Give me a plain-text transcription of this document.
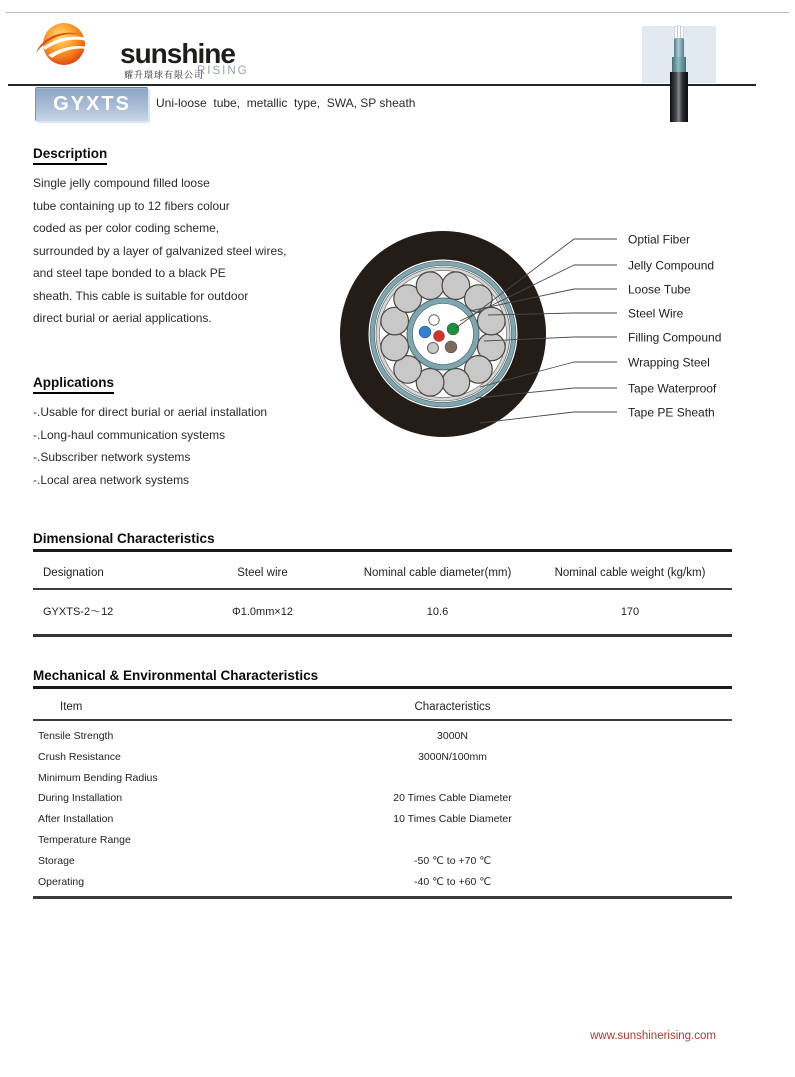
sunshine
耀升環球有限公司
RISING
GYXTS	Uni-loose  tube,  metallic  type,  SWA, SP sheath
Description
Single jelly compound filled loose
tube containing up to 12 fibers colour
coded as per color coding scheme,
surrounded by a layer of galvanized steel wires,
and steel tape bonded to a black PE
sheath. This cable is suitable for outdoor
direct burial or aerial applications.
Applications
-.Usable for direct burial or aerial installation
-.Long-haul communication systems
-.Subscriber network systems
-.Local area network systems
Optial Fiber
Jelly Compound
Loose Tube
Steel Wire
Filling Compound
Wrapping Steel
Tape Waterproof
Tape PE Sheath
Dimensional Characteristics
Designation	Steel wire	Nominal cable diameter(mm)	Nominal cable weight (kg/km)
GYXTS-2～12	Φ1.0mm×12	10.6	170
Mechanical & Environmental Characteristics
Item	Characteristics
Tensile Strength	3000N
Crush Resistance	3000N/100mm
Minimum Bending Radius
During Installation	20 Times Cable Diameter
After Installation	10 Times Cable Diameter
Temperature Range
Storage	-50 ℃ to +70 ℃
Operating	-40 ℃ to +60 ℃
www.sunshinerising.com
